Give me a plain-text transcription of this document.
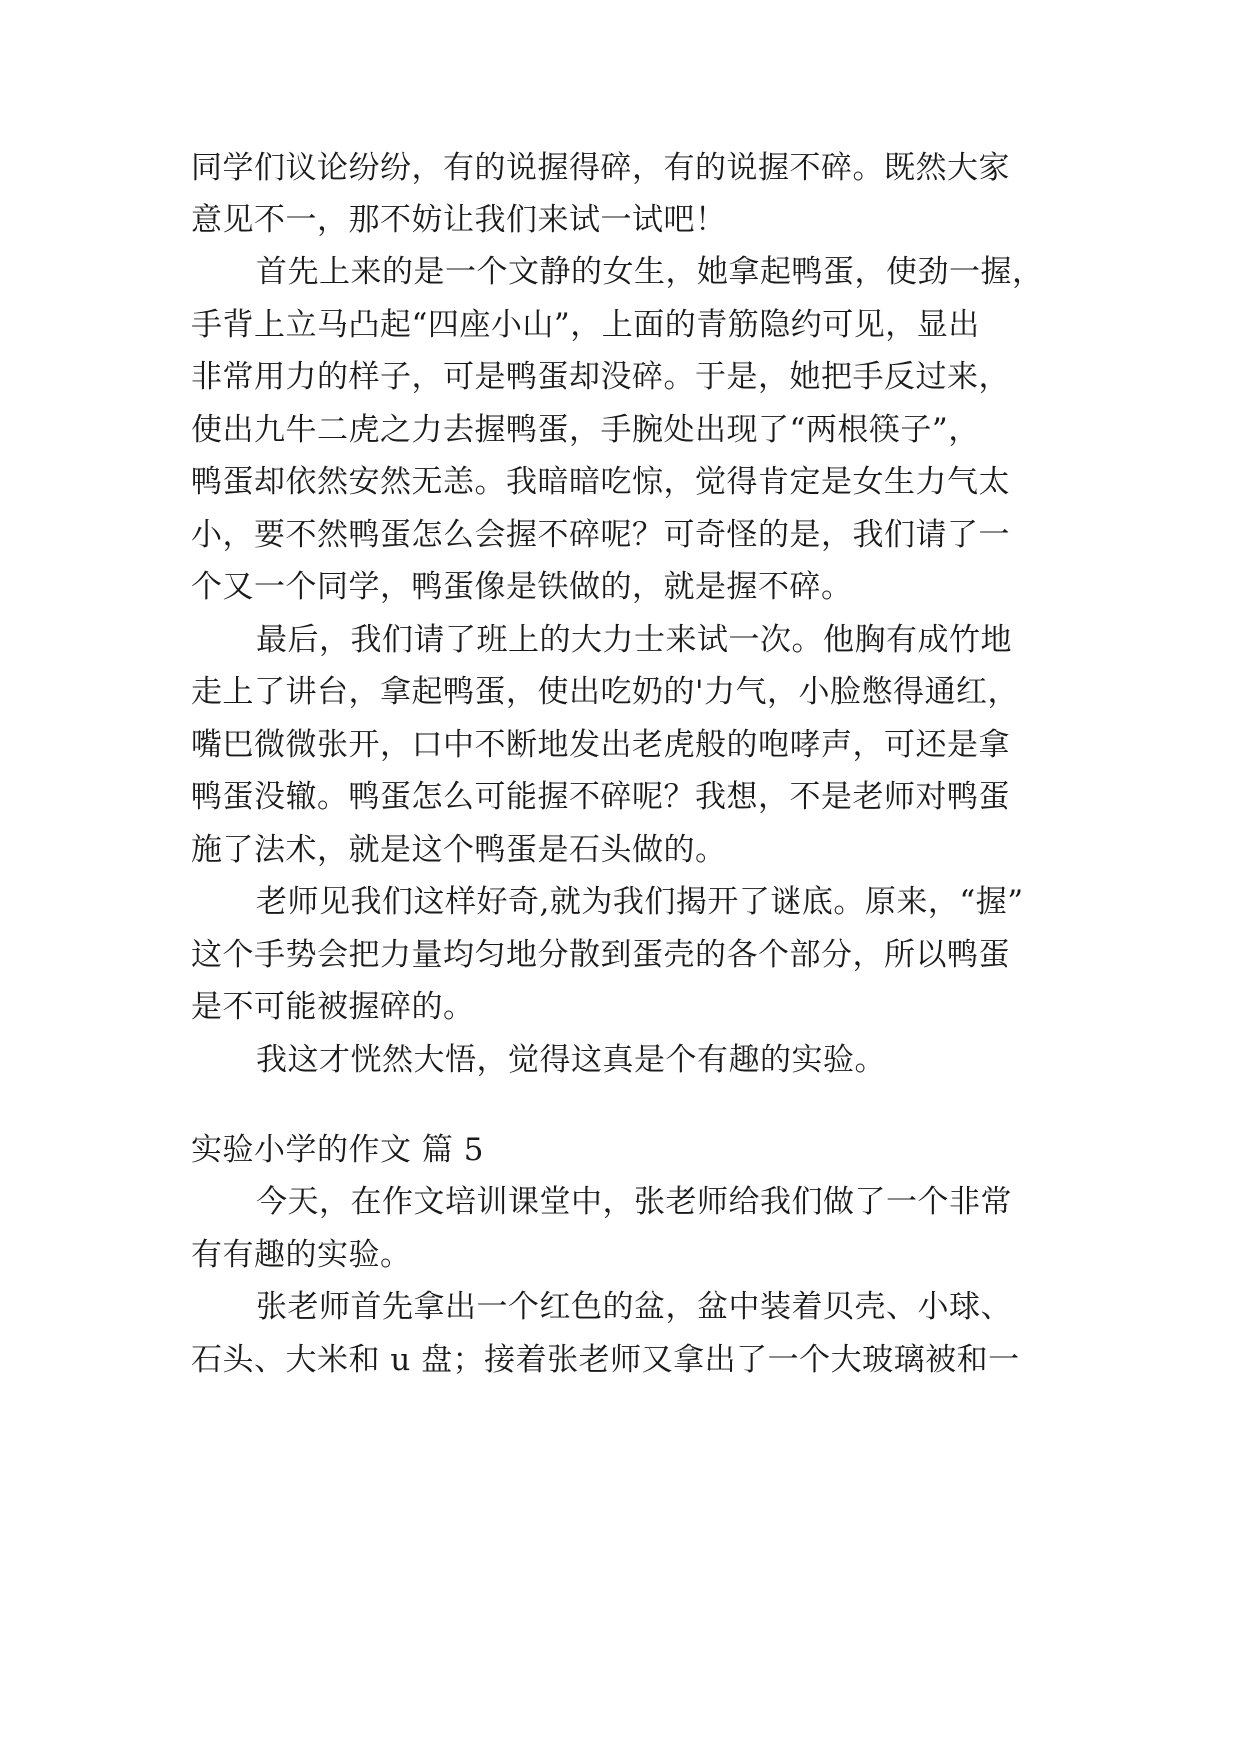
同学们议论纷纷，有的说握得碎，有的说握不碎。既然大家
意见不一，那不妨让我们来试一试吧！
首先上来的是一个文静的女生，她拿起鸭蛋，使劲一握，
手背上立马凸起“四座小山”，上面的青筋隐约可见，显出
非常用力的样子，可是鸭蛋却没碎。于是，她把手反过来，
使出九牛二虎之力去握鸭蛋，手腕处出现了“两根筷子”，
鸭蛋却依然安然无恙。我暗暗吃惊，觉得肯定是女生力气太
小，要不然鸭蛋怎么会握不碎呢？可奇怪的是，我们请了一
个又一个同学，鸭蛋像是铁做的，就是握不碎。
最后，我们请了班上的大力士来试一次。他胸有成竹地
走上了讲台，拿起鸭蛋，使出吃奶的'力气，小脸憋得通红，
嘴巴微微张开，口中不断地发出老虎般的咆哮声，可还是拿
鸭蛋没辙。鸭蛋怎么可能握不碎呢？我想，不是老师对鸭蛋
施了法术，就是这个鸭蛋是石头做的。
老师见我们这样好奇,就为我们揭开了谜底。原来，“握”
这个手势会把力量均匀地分散到蛋壳的各个部分，所以鸭蛋
是不可能被握碎的。
我这才恍然大悟，觉得这真是个有趣的实验。
实验小学的作文 篇 5
今天，在作文培训课堂中，张老师给我们做了一个非常
有有趣的实验。
张老师首先拿出一个红色的盆，盆中装着贝壳、小球、
石头、大米和 u 盘；接着张老师又拿出了一个大玻璃被和一
